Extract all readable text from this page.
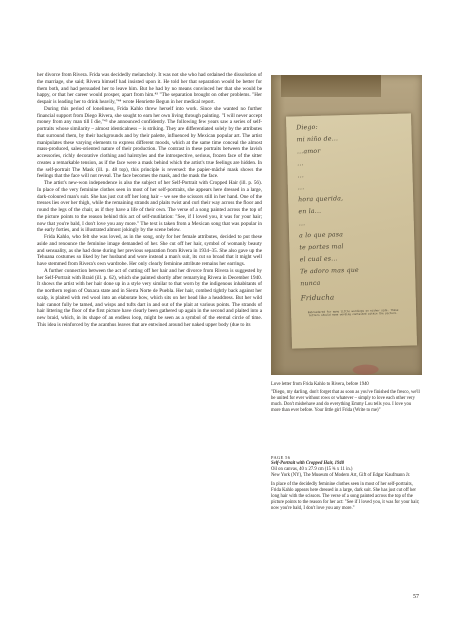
her divorce from Rivera. Frida was decidedly melancholy. It was not she who had ordained the dissolution of the marriage, she said; Rivera himself had insisted upon it. He told her that separation would be better for them both, and had persuaded her to leave him. But he had by no means convinced her that she would be happy, or that her career would prosper, apart from him.⁴³ "The separation brought on other problems. "Her despair is leading her to drink heavily,"⁴⁴ wrote Henriette Begun in her medical report.

During this period of loneliness, Frida Kahlo threw herself into work. Since she wanted no further financial support from Diego Rivera, she sought to earn her own living through painting. "I will never accept money from any man till I die,"⁴⁵ she announced confidently. The following few years saw a series of self-portraits whose similarity – almost identicalness – is striking. They are differentiated solely by the attributes that surround them, by their backgrounds and by their palette, influenced by Mexican popular art. The artist manipulates these varying elements to express different moods, which at the same time conceal the almost mass-produced, sales-oriented nature of their production. The contrast in these portraits between the lavish accessories, richly decorative clothing and hairstyles and the introspective, serious, frozen face of the sitter creates a remarkable tension, as if the face were a mask behind which the artist's true feelings are hidden. In the self-portrait The Mask (ill. p. 48 top), this principle is reversed: the papier-mâché mask shows the feelings that the face will not reveal. The face becomes the mask, and the mask the face.

The artist's new-won independence is also the subject of her Self-Portrait with Cropped Hair (ill. p. 56). In place of the very feminine clothes seen in most of her self-portraits, she appears here dressed in a large, dark-coloured man's suit. She has just cut off her long hair – we see the scissors still in her hand. One of the tresses lies over her thigh, while the remaining strands and plaits twist and curl their way across the floor and round the legs of the chair, as if they have a life of their own. The verse of a song painted across the top of the picture points to the reason behind this act of self-mutilation: "See, if I loved you, it was for your hair; now that you're bald, I don't love you any more." The text is taken from a Mexican song that was popular in the early forties, and is illustrated almost jokingly by the scene below.

Frida Kahlo, who felt she was loved, as in the song, only for her female attributes, decided to put these aside and renounce the feminine image demanded of her. She cut off her hair, symbol of womanly beauty and sensuality, as she had done during her previous separation from Rivera in 1934–35. She also gave up the Tehuana costumes so liked by her husband and wore instead a man's suit, its cut so broad that it might well have stemmed from Rivera's own wardrobe. Her only clearly feminine attribute remains her earrings.

A further connection between the act of cutting off her hair and her divorce from Rivera is suggested by her Self-Portrait with Braid (ill. p. 62), which she painted shortly after remarrying Rivera in December 1940. It shows the artist with her hair done up in a style very similar to that worn by the indigenous inhabitants of the northern region of Oaxaca state and in Sierra Norte de Puebla. Her hair, combed tightly back against her scalp, is plaited with red wool into an elaborate bow, which sits on her head like a headdress. But her wild hair cannot fully be tamed, and wisps and tufts dart in and out of the plait at various points. The strands of hair littering the floor of the first picture have clearly been gathered up again in the second and plaited into a new braid, which, in its shape of an endless loop, might be seen as a symbol of the eternal circle of time. This idea is reinforced by the acanthus leaves that are entwined around her naked upper body (due to its

Diego:
mi niño de...
...amor
...
...
...
hora querida,
en la...
...
a lo que pasa
te portes mal
el cual es...
Te adoro mas que
nunca
Friducha
Embroidered for many little wordings on either side. These letters should some wording contained within the picture.

Love letter from Frida Kahlo to Rivera, before 1940

"Diego, my darling, don't forget that as soon as you've finished the fresco, we'll be united for ever without rows or whatever – simply to love each other very much. Don't misbehave and do everything Emmy Lou tells you. I love you more than ever before. Your little girl Frida (Write to me)"

PAGE 56

Self-Portrait with Cropped Hair, 1940

Oil on canvas, 40 x 27.9 cm (15 ¾ x 11 in.)

New York (NY), The Museum of Modern Art, Gift of Edgar Kaufmann Jr.

In place of the decidedly feminine clothes seen in most of her self-portraits, Frida Kahlo appears here dressed in a large, dark suit. She has just cut off her long hair with the scissors. The verse of a song painted across the top of the picture points to the reason for her act: "See if I loved you, it was for your hair; now you're bald, I don't love you any more."

57
